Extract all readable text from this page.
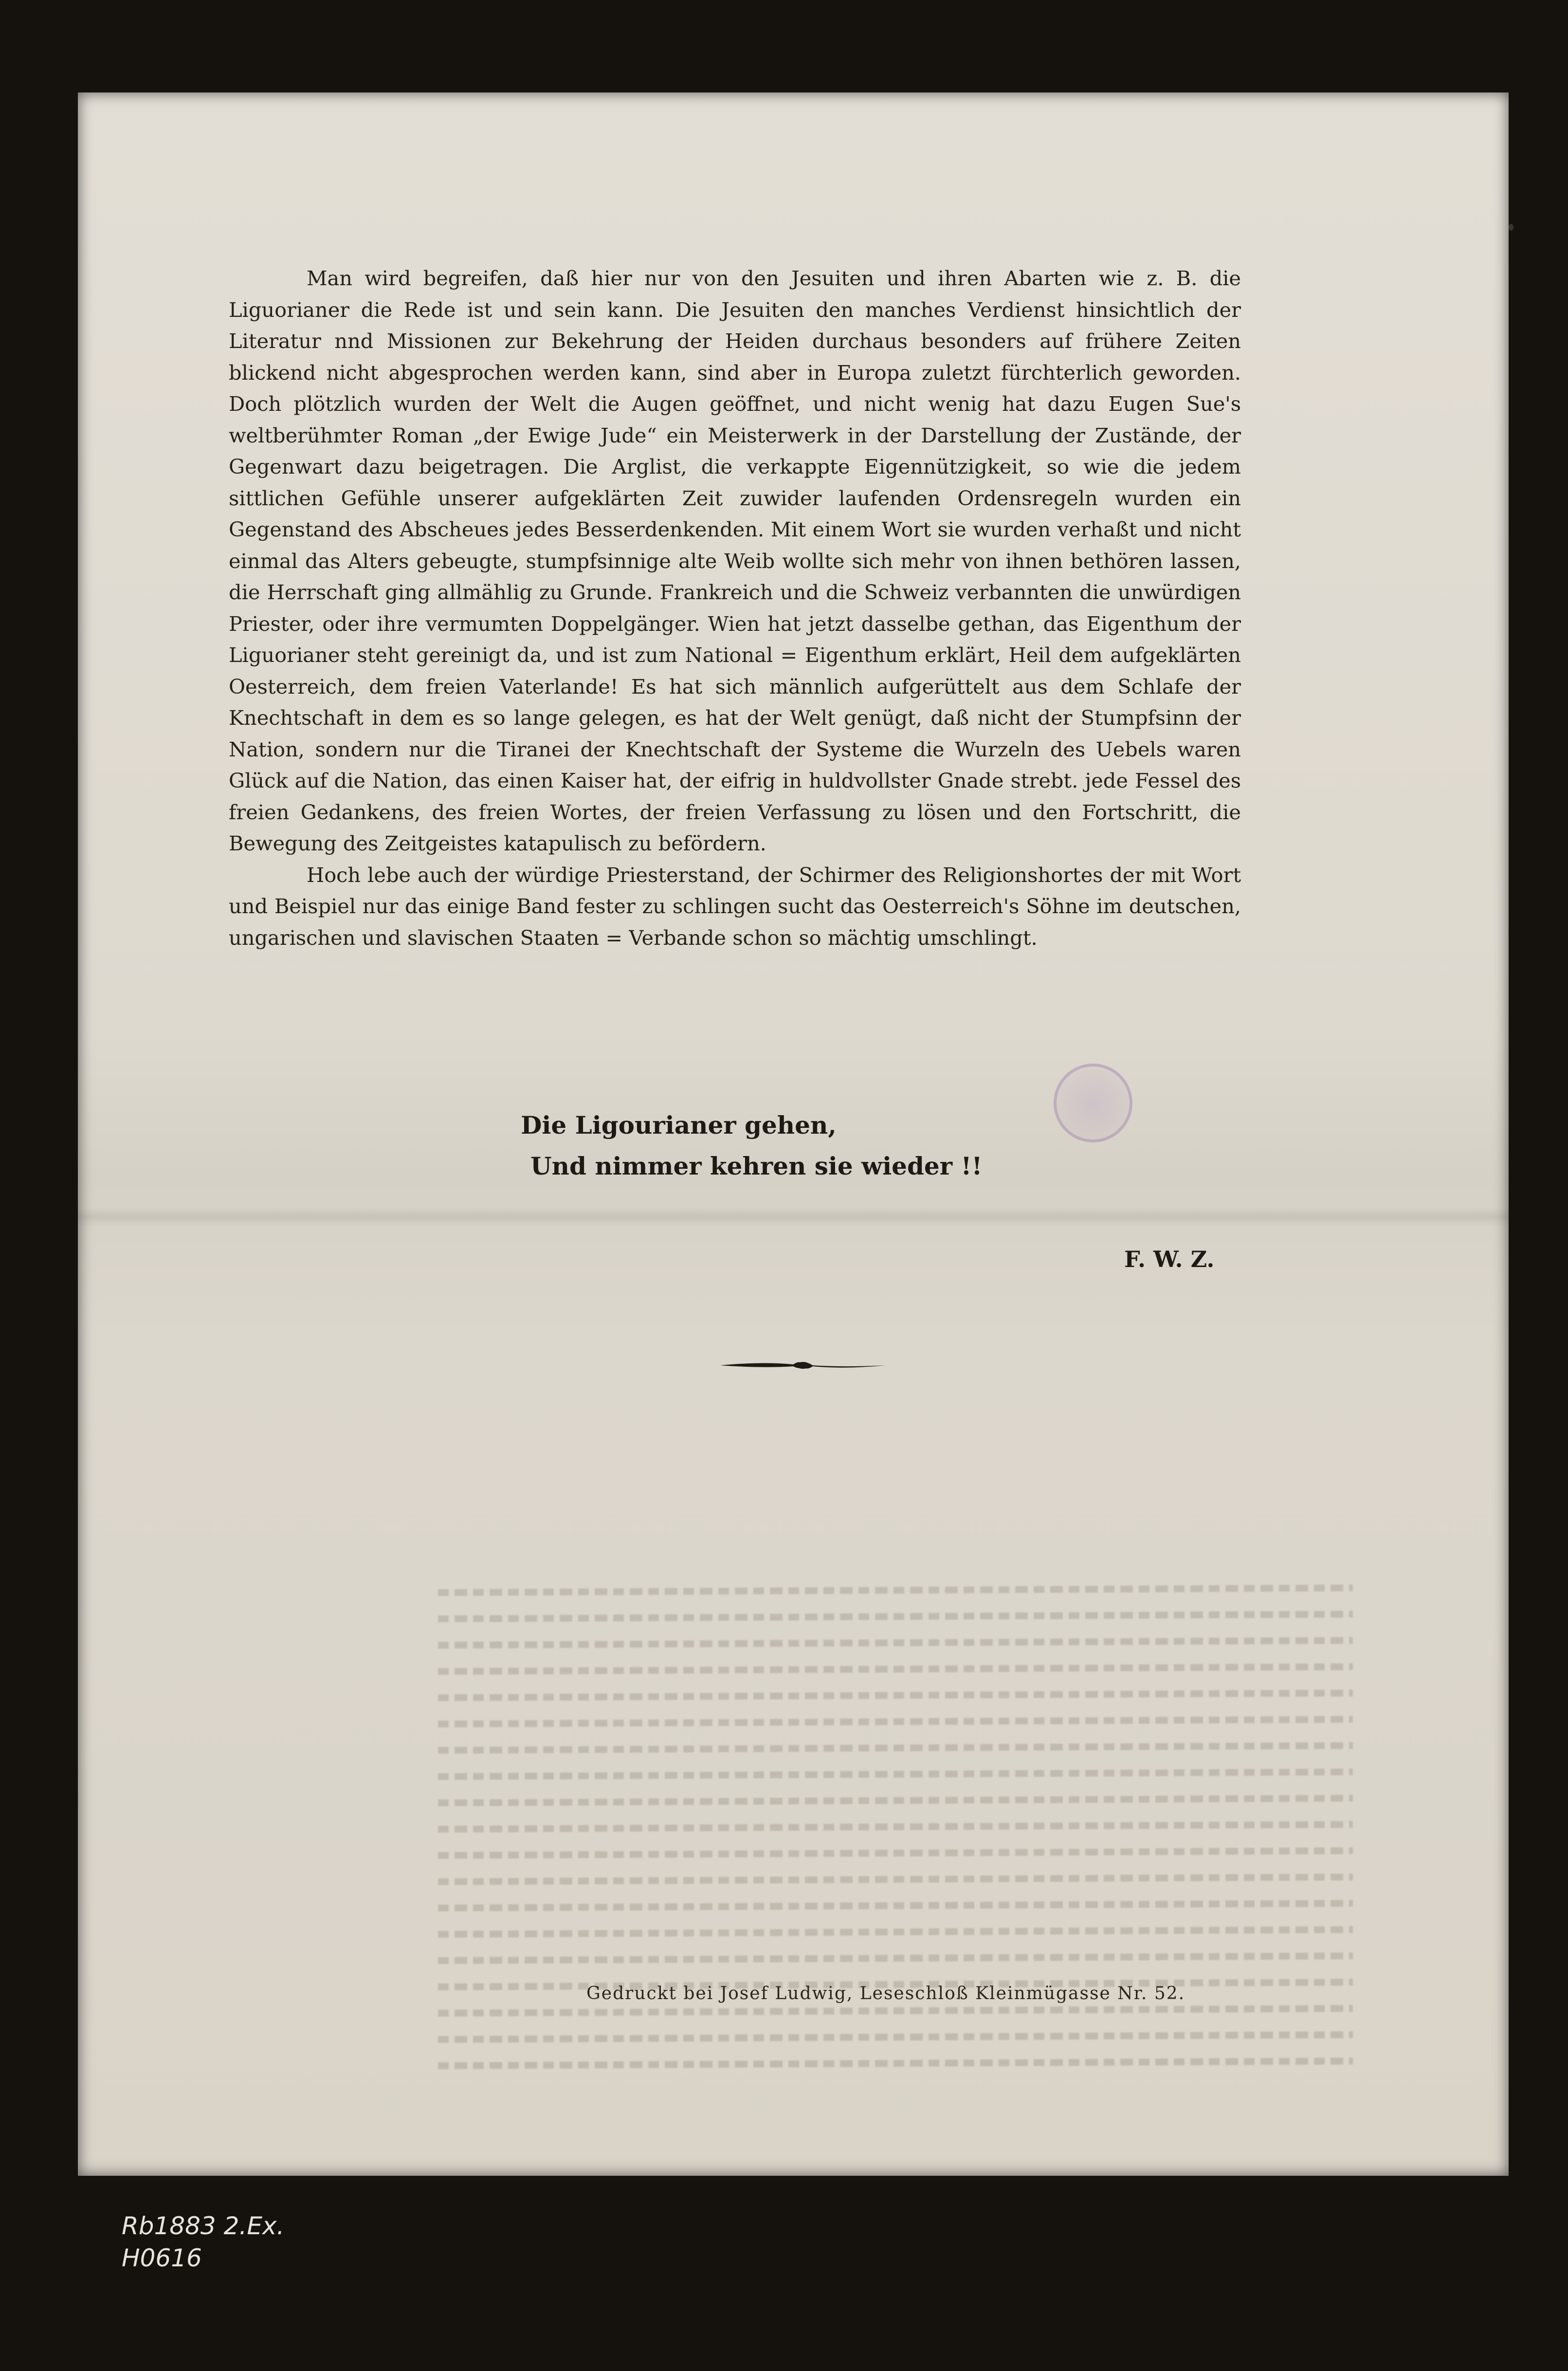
Man wird begreifen, daß hier nur von den Jesuiten und ihren Abarten wie z. B. die Liguorianer die Rede ist und sein kann. Die Jesuiten den manches Verdienst hinsichtlich der Literatur nnd Missionen zur Bekehrung der Heiden durchaus besonders auf frühere Zeiten blickend nicht abgesprochen werden kann, sind aber in Europa zuletzt fürchterlich geworden. Doch plötzlich wurden der Welt die Augen geöffnet, und nicht wenig hat dazu Eugen Sue's weltberühmter Roman „der Ewige Jude“ ein Meisterwerk in der Darstellung der Zustände, der Gegenwart dazu beigetragen. Die Arglist, die verkappte Eigennützigkeit, so wie die jedem sittlichen Gefühle unserer aufgeklärten Zeit zuwider laufenden Ordensregeln wurden ein Gegenstand des Abscheues jedes Besserdenkenden. Mit einem Wort sie wurden verhaßt und nicht einmal das Alters gebeugte, stumpfsinnige alte Weib wollte sich mehr von ihnen bethören lassen, die Herrschaft ging allmählig zu Grunde. Frankreich und die Schweiz verbannten die unwürdigen Priester, oder ihre vermumten Doppelgänger. Wien hat jetzt dasselbe gethan, das Eigenthum der Liguorianer steht gereinigt da, und ist zum National = Eigenthum erklärt, Heil dem aufgeklärten Oesterreich, dem freien Vaterlande! Es hat sich männlich aufgerüttelt aus dem Schlafe der Knechtschaft in dem es so lange gelegen, es hat der Welt genügt, daß nicht der Stumpfsinn der Nation, sondern nur die Tiranei der Knechtschaft der Systeme die Wurzeln des Uebels waren Glück auf die Nation, das einen Kaiser hat, der eifrig in huldvollster Gnade strebt. jede Fessel des freien Gedankens, des freien Wortes, der freien Verfassung zu lösen und den Fortschritt, die Bewegung des Zeitgeistes katapulisch zu befördern.

Hoch lebe auch der würdige Priesterstand, der Schirmer des Religionshortes der mit Wort und Beispiel nur das einige Band fester zu schlingen sucht das Oesterreich's Söhne im deutschen, ungarischen und slavischen Staaten = Verbande schon so mächtig umschlingt.

Die Ligourianer gehen,
Und nimmer kehren sie wieder !!
F. W. Z.
Gedruckt bei Josef Ludwig, Leseschloß Kleinmügasse Nr. 52.
Rb1883 2.Ex.
H0616
